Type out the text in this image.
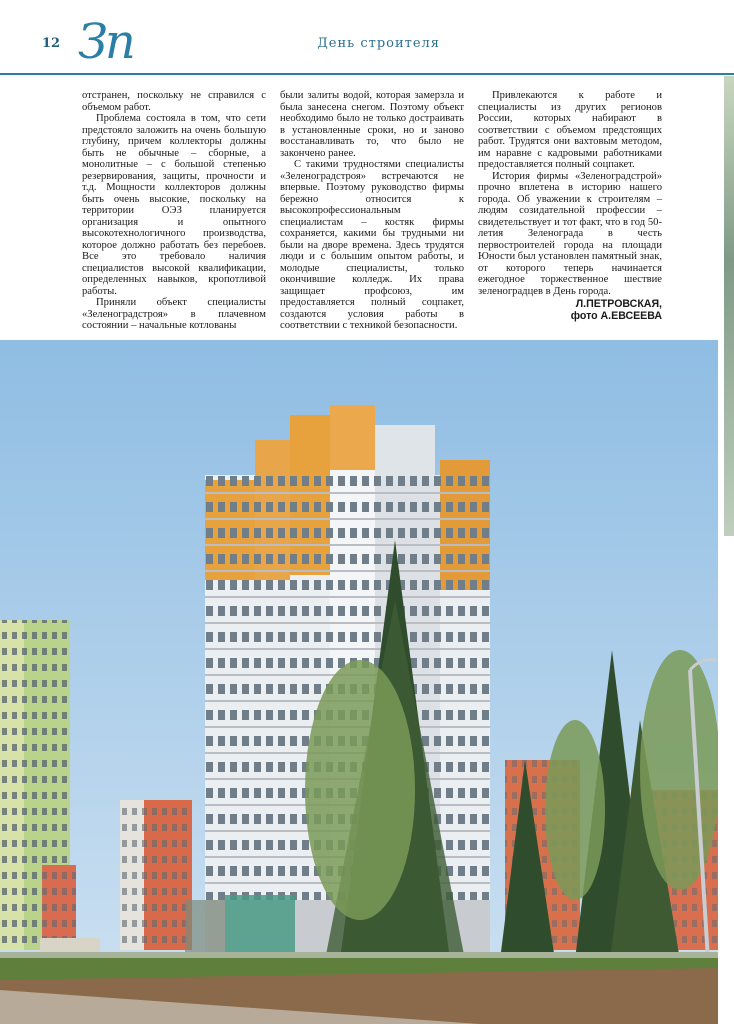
12 Зп	День строителя

отстранен, поскольку не справился с объемом работ.

Проблема состояла в том, что сети предстояло заложить на очень большую глубину, причем коллекторы должны быть не обычные – сборные, а монолитные – с большой степенью резервирования, защиты, прочности и т.д. Мощности коллекторов должны быть очень высокие, поскольку на территории ОЭЗ планируется организация и опытного высокотехнологичного производства, которое должно работать без перебоев. Все это требовало наличия специалистов высокой квалификации, определенных навыков, кропотливой работы.

Приняли объект специалисты «Зеленоградстроя» в плачевном состоянии – начальные котлованы

были залиты водой, которая замерзла и была занесена снегом. Поэтому объект необходимо было не только достраивать в установленные сроки, но и заново восстанавливать то, что было не закончено ранее.

С такими трудностями специалисты «Зеленоградстроя» встречаются не впервые. Поэтому руководство фирмы бережно относится к высокопрофессиональным специалистам – костяк фирмы сохраняется, какими бы трудными ни были на дворе времена. Здесь трудятся люди и с большим опытом работы, и молодые специалисты, только окончившие колледж. Их права защищает профсоюз, им предоставляется полный соцпакет, создаются условия работы в соответствии с техникой безопасности.

Привлекаются к работе и специалисты из других регионов России, которых набирают в соответствии с объемом предстоящих работ. Трудятся они вахтовым методом, им наравне с кадровыми работниками предоставляется полный соцпакет.

История фирмы «Зеленоградстрой» прочно вплетена в историю нашего города. Об уважении к строителям – людям созидательной профессии – свидетельствует и тот факт, что в год 50-летия Зеленограда в честь первостроителей города на площади Юности был установлен памятный знак, от которого теперь начинается ежегодное торжественное шествие зеленоградцев в День города.

Л.ПЕТРОВСКАЯ,
фото А.ЕВСЕЕВА
